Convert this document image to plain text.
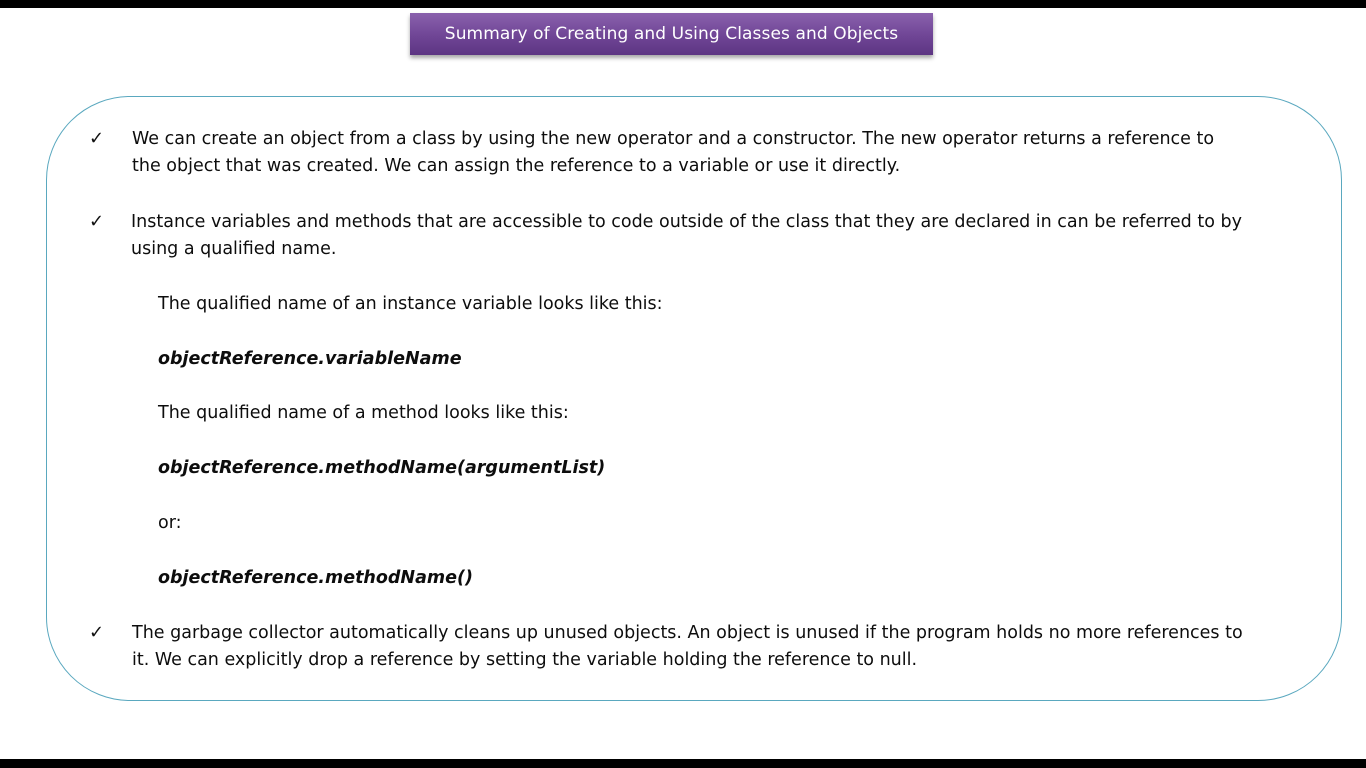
Summary of Creating and Using Classes and Objects
✓ We can create an object from a class by using the new operator and a constructor. The new operator returns a reference to
the object that was created. We can assign the reference to a variable or use it directly.
✓ Instance variables and methods that are accessible to code outside of the class that they are declared in can be referred to by
using a qualified name.
The qualified name of an instance variable looks like this:
objectReference.variableName
The qualified name of a method looks like this:
objectReference.methodName(argumentList)
or:
objectReference.methodName()
✓ The garbage collector automatically cleans up unused objects. An object is unused if the program holds no more references to
it. We can explicitly drop a reference by setting the variable holding the reference to null.
